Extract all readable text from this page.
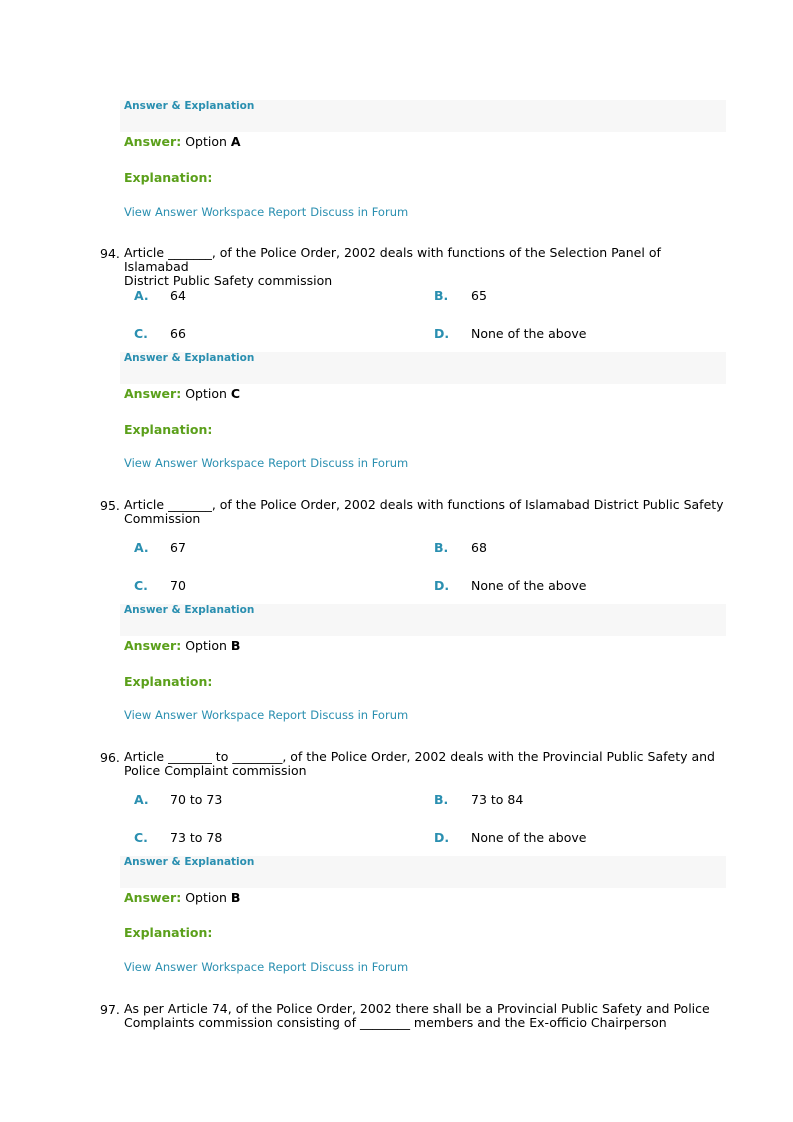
Answer & Explanation
Answer: Option A
Explanation:
View Answer Workspace Report Discuss in Forum
94. Article _______, of the Police Order, 2002 deals with functions of the Selection Panel of Islamabad
District Public Safety commission
A. 64	B. 65
C. 66	D. None of the above
Answer & Explanation
Answer: Option C
Explanation:
View Answer Workspace Report Discuss in Forum
95. Article _______, of the Police Order, 2002 deals with functions of Islamabad District Public Safety
Commission
A. 67	B. 68
C. 70	D. None of the above
Answer & Explanation
Answer: Option B
Explanation:
View Answer Workspace Report Discuss in Forum
96. Article _______ to ________, of the Police Order, 2002 deals with the Provincial Public Safety and
Police Complaint commission
A. 70 to 73	B. 73 to 84
C. 73 to 78	D. None of the above
Answer & Explanation
Answer: Option B
Explanation:
View Answer Workspace Report Discuss in Forum
97. As per Article 74, of the Police Order, 2002 there shall be a Provincial Public Safety and Police
Complaints commission consisting of ________ members and the Ex-officio Chairperson
